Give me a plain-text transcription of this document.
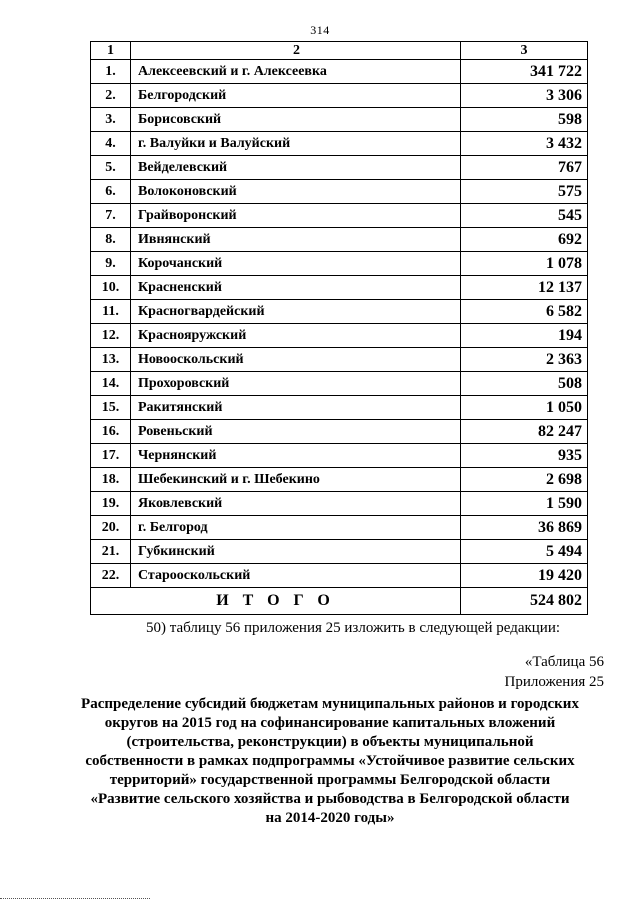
314
1	2	3
1.	Алексеевский и г. Алексеевка	341 722
2.	Белгородский	3 306
3.	Борисовский	598
4.	г. Валуйки и Валуйский	3 432
5.	Вейделевский	767
6.	Волоконовский	575
7.	Грайворонский	545
8.	Ивнянский	692
9.	Корочанский	1 078
10.	Красненский	12 137
11.	Красногвардейский	6 582
12.	Краснояружский	194
13.	Новооскольский	2 363
14.	Прохоровский	508
15.	Ракитянский	1 050
16.	Ровеньский	82 247
17.	Чернянский	935
18.	Шебекинский и г. Шебекино	2 698
19.	Яковлевский	1 590
20.	г. Белгород	36 869
21.	Губкинский	5 494
22.	Старооскольский	19 420
ИТОГО		524 802
50) таблицу 56 приложения 25 изложить в следующей редакции:
«Таблица 56
Приложения 25
Распределение субсидий бюджетам муниципальных районов и городских
округов на 2015 год на софинансирование капитальных вложений
(строительства, реконструкции) в объекты муниципальной
собственности в рамках подпрограммы «Устойчивое развитие сельских
территорий» государственной программы Белгородской области
«Развитие сельского хозяйства и рыбоводства в Белгородской области
на 2014-2020 годы»
